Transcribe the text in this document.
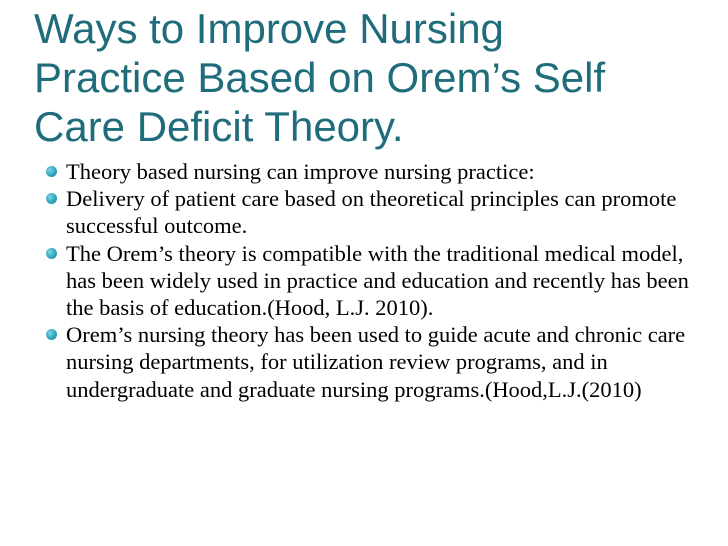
Ways to Improve Nursing
Practice Based on Orem’s Self
Care Deficit Theory.
Theory based nursing can improve nursing practice:
Delivery of patient care based on theoretical principles can promote successful outcome.
The Orem’s theory is compatible with the traditional medical model, has been widely used in practice and education and recently has been the basis of education.(Hood, L.J. 2010).
Orem’s nursing theory has been used to guide acute and chronic care nursing departments, for utilization review programs, and in undergraduate and graduate nursing programs.(Hood,L.J.(2010)
